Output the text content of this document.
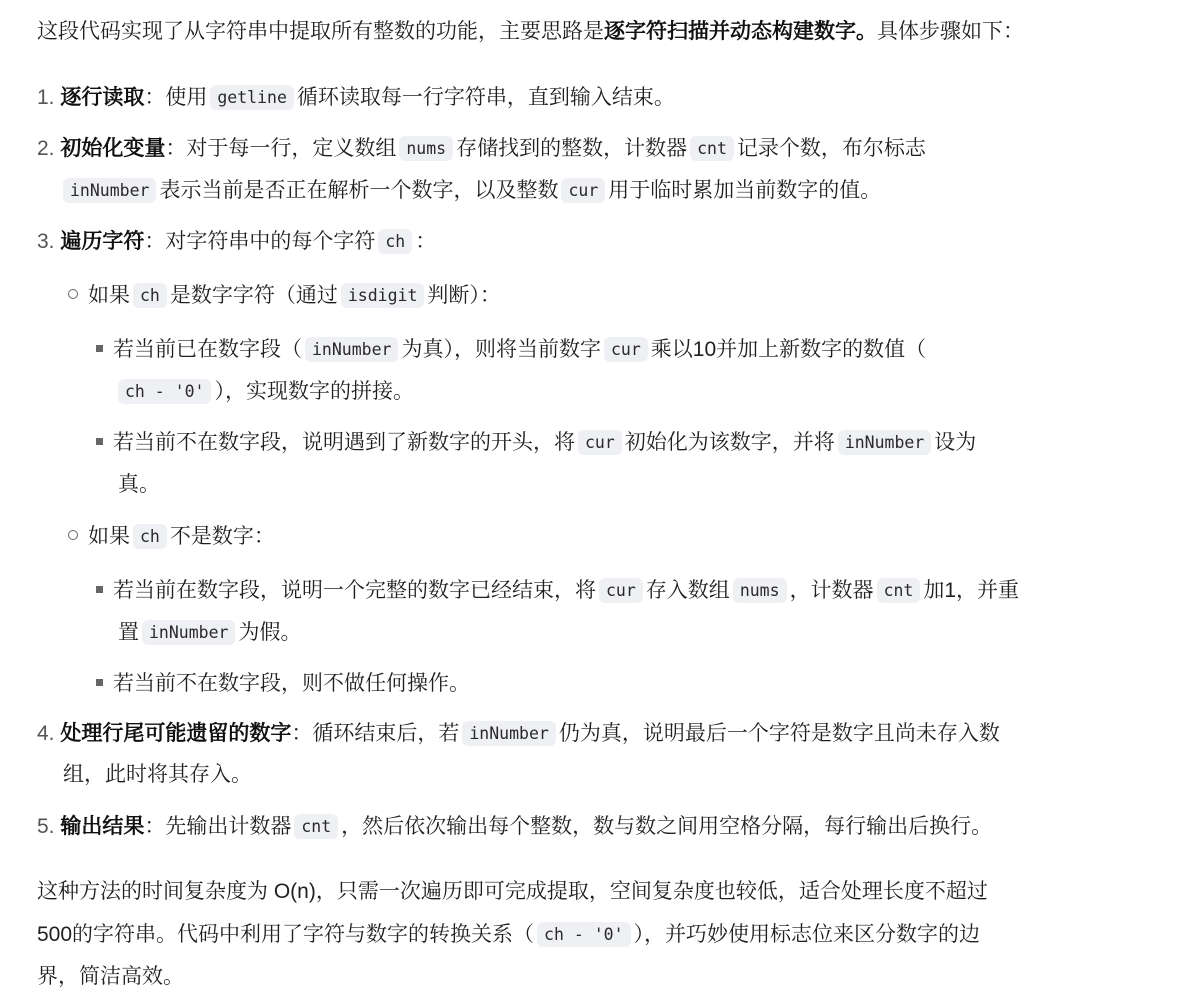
这段代码实现了从字符串中提取所有整数的功能，主要思路是逐字符扫描并动态构建数字。具体步骤如下：
1. 逐行读取：使用 getline 循环读取每一行字符串，直到输入结束。
2. 初始化变量：对于每一行，定义数组 nums 存储找到的整数，计数器 cnt 记录个数，布尔标志
inNumber 表示当前是否正在解析一个数字，以及整数 cur 用于临时累加当前数字的值。
3. 遍历字符：对字符串中的每个字符 ch ：
如果 ch 是数字字符（通过 isdigit 判断）：
若当前已在数字段（ inNumber 为真），则将当前数字 cur 乘以10并加上新数字的数值（
ch - '0' ），实现数字的拼接。
若当前不在数字段，说明遇到了新数字的开头，将 cur 初始化为该数字，并将 inNumber 设为
真。
如果 ch 不是数字：
若当前在数字段，说明一个完整的数字已经结束，将 cur 存入数组 nums ，计数器 cnt 加1，并重
置 inNumber 为假。
若当前不在数字段，则不做任何操作。
4. 处理行尾可能遗留的数字：循环结束后，若 inNumber 仍为真，说明最后一个字符是数字且尚未存入数
组，此时将其存入。
5. 输出结果：先输出计数器 cnt ，然后依次输出每个整数，数与数之间用空格分隔，每行输出后换行。
这种方法的时间复杂度为 O(n)，只需一次遍历即可完成提取，空间复杂度也较低，适合处理长度不超过
500的字符串。代码中利用了字符与数字的转换关系（ ch - '0' ），并巧妙使用标志位来区分数字的边
界，简洁高效。
